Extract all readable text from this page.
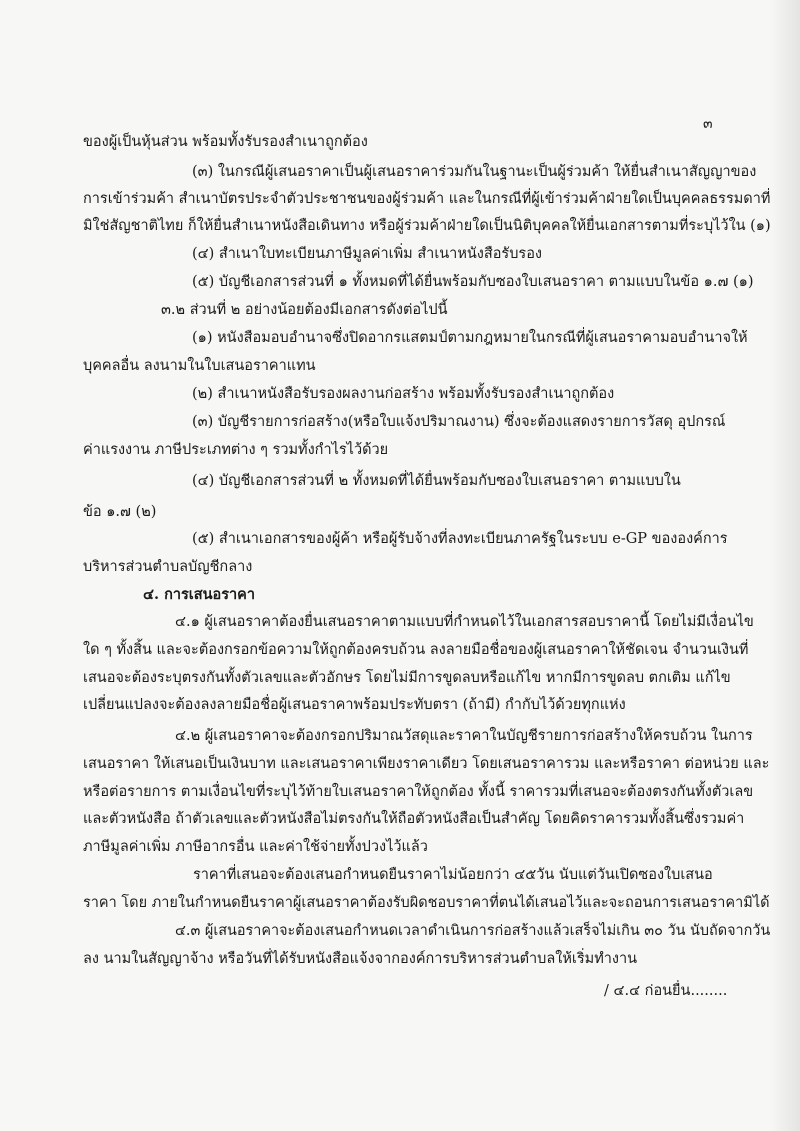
๓
ของผู้เป็นหุ้นส่วน พร้อมทั้งรับรองสำเนาถูกต้อง
(๓) ในกรณีผู้เสนอราคาเป็นผู้เสนอราคาร่วมกันในฐานะเป็นผู้ร่วมค้า ให้ยื่นสำเนาสัญญาของ
การเข้าร่วมค้า สำเนาบัตรประจำตัวประชาชนของผู้ร่วมค้า และในกรณีที่ผู้เข้าร่วมค้าฝ่ายใดเป็นบุคคลธรรมดาที่
มิใช่สัญชาติไทย ก็ให้ยื่นสำเนาหนังสือเดินทาง หรือผู้ร่วมค้าฝ่ายใดเป็นนิติบุคคลให้ยื่นเอกสารตามที่ระบุไว้ใน (๑)
(๔) สำเนาใบทะเบียนภาษีมูลค่าเพิ่ม สำเนาหนังสือรับรอง
(๕) บัญชีเอกสารส่วนที่ ๑ ทั้งหมดที่ได้ยื่นพร้อมกับซองใบเสนอราคา ตามแบบในข้อ ๑.๗ (๑)
๓.๒ ส่วนที่ ๒ อย่างน้อยต้องมีเอกสารดังต่อไปนี้
(๑) หนังสือมอบอำนาจซึ่งปิดอากรแสตมป์ตามกฎหมายในกรณีที่ผู้เสนอราคามอบอำนาจให้
บุคคลอื่น ลงนามในใบเสนอราคาแทน
(๒) สำเนาหนังสือรับรองผลงานก่อสร้าง พร้อมทั้งรับรองสำเนาถูกต้อง
(๓) บัญชีรายการก่อสร้าง(หรือใบแจ้งปริมาณงาน) ซึ่งจะต้องแสดงรายการวัสดุ อุปกรณ์
ค่าแรงงาน ภาษีประเภทต่าง ๆ รวมทั้งกำไรไว้ด้วย
(๔) บัญชีเอกสารส่วนที่ ๒ ทั้งหมดที่ได้ยื่นพร้อมกับซองใบเสนอราคา ตามแบบใน
ข้อ ๑.๗ (๒)
(๕) สำเนาเอกสารของผู้ค้า หรือผู้รับจ้างที่ลงทะเบียนภาครัฐในระบบ e-GP ขององค์การ
บริหารส่วนตำบลบัญชีกลาง
๔. การเสนอราคา
๔.๑ ผู้เสนอราคาต้องยื่นเสนอราคาตามแบบที่กำหนดไว้ในเอกสารสอบราคานี้ โดยไม่มีเงื่อนไข
ใด ๆ ทั้งสิ้น และจะต้องกรอกข้อความให้ถูกต้องครบถ้วน ลงลายมือชื่อของผู้เสนอราคาให้ชัดเจน จำนวนเงินที่
เสนอจะต้องระบุตรงกันทั้งตัวเลขและตัวอักษร โดยไม่มีการขูดลบหรือแก้ไข หากมีการขูดลบ ตกเติม แก้ไข
เปลี่ยนแปลงจะต้องลงลายมือชื่อผู้เสนอราคาพร้อมประทับตรา (ถ้ามี) กำกับไว้ด้วยทุกแห่ง
๔.๒ ผู้เสนอราคาจะต้องกรอกปริมาณวัสดุและราคาในบัญชีรายการก่อสร้างให้ครบถ้วน ในการ
เสนอราคา ให้เสนอเป็นเงินบาท และเสนอราคาเพียงราคาเดียว โดยเสนอราคารวม และหรือราคา ต่อหน่วย และ
หรือต่อรายการ ตามเงื่อนไขที่ระบุไว้ท้ายใบเสนอราคาให้ถูกต้อง ทั้งนี้ ราคารวมที่เสนอจะต้องตรงกันทั้งตัวเลข
และตัวหนังสือ ถ้าตัวเลขและตัวหนังสือไม่ตรงกันให้ถือตัวหนังสือเป็นสำคัญ โดยคิดราคารวมทั้งสิ้นซึ่งรวมค่า
ภาษีมูลค่าเพิ่ม ภาษีอากรอื่น และค่าใช้จ่ายทั้งปวงไว้แล้ว
ราคาที่เสนอจะต้องเสนอกำหนดยืนราคาไม่น้อยกว่า ๔๕วัน นับแต่วันเปิดซองใบเสนอ
ราคา โดย ภายในกำหนดยืนราคาผู้เสนอราคาต้องรับผิดชอบราคาที่ตนได้เสนอไว้และจะถอนการเสนอราคามิได้
๔.๓ ผู้เสนอราคาจะต้องเสนอกำหนดเวลาดำเนินการก่อสร้างแล้วเสร็จไม่เกิน ๓๐ วัน นับถัดจากวัน
ลง นามในสัญญาจ้าง หรือวันที่ได้รับหนังสือแจ้งจากองค์การบริหารส่วนตำบลให้เริ่มทำงาน
/ ๔.๔ ก่อนยื่น........
